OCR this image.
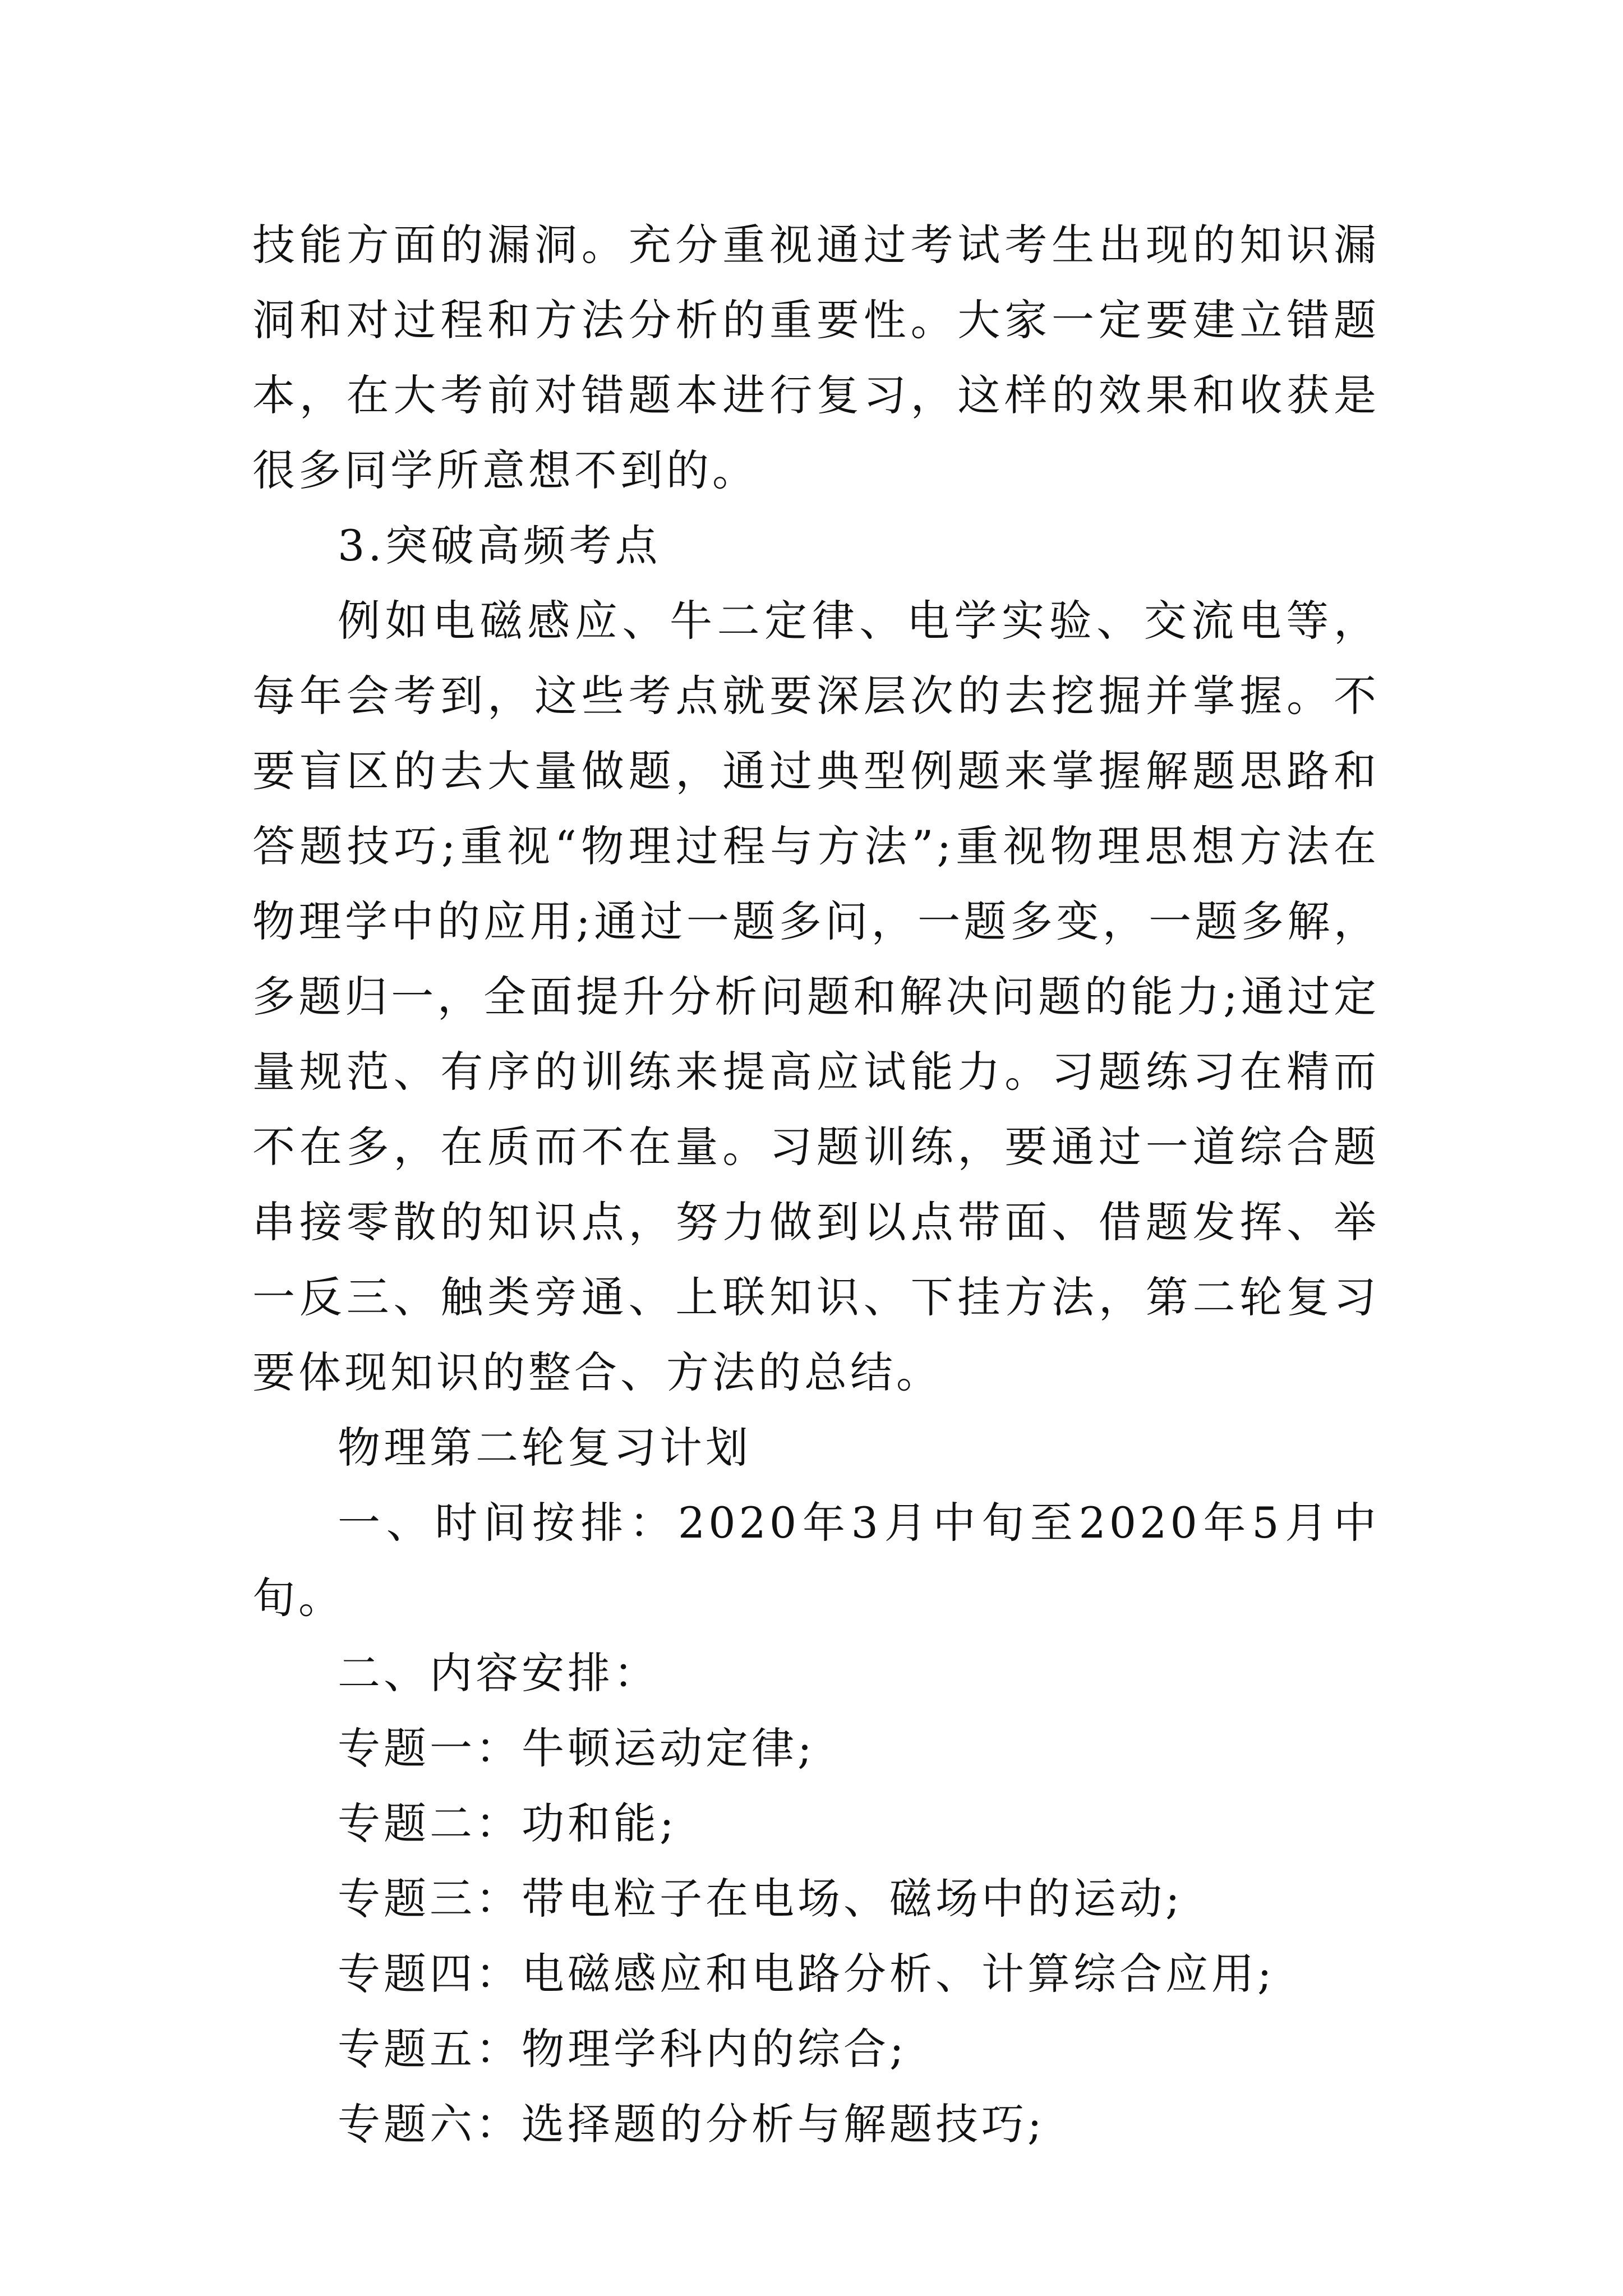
技能方面的漏洞。充分重视通过考试考生出现的知识漏洞和对过程和方法分析的重要性。大家一定要建立错题本，在大考前对错题本进行复习，这样的效果和收获是很多同学所意想不到的。

3.突破高频考点

例如电磁感应、牛二定律、电学实验、交流电等，每年会考到，这些考点就要深层次的去挖掘并掌握。不要盲区的去大量做题，通过典型例题来掌握解题思路和答题技巧;重视“物理过程与方法”;重视物理思想方法在物理学中的应用;通过一题多问，一题多变，一题多解，多题归一，全面提升分析问题和解决问题的能力;通过定量规范、有序的训练来提高应试能力。习题练习在精而不在多，在质而不在量。习题训练，要通过一道综合题串接零散的知识点，努力做到以点带面、借题发挥、举一反三、触类旁通、上联知识、下挂方法，第二轮复习要体现知识的整合、方法的总结。

物理第二轮复习计划

一、时间按排：2020年3月中旬至2020年5月中旬。

二、内容安排：

专题一：牛顿运动定律;

专题二：功和能;

专题三：带电粒子在电场、磁场中的运动;

专题四：电磁感应和电路分析、计算综合应用;

专题五：物理学科内的综合;

专题六：选择题的分析与解题技巧;
